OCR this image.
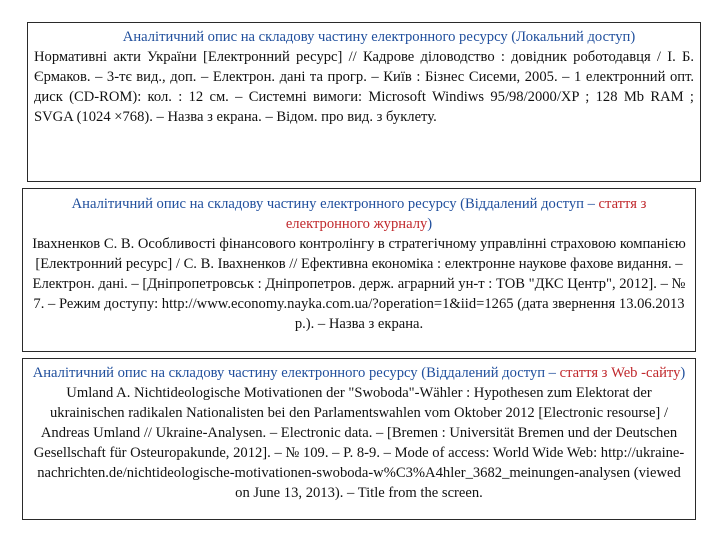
Аналітичний опис на складову частину електронного ресурсу (Локальний доступ)

Нормативні акти України [Електронний ресурс] // Кадрове діловодство : довідник роботодавця / І. Б. Єрмаков. – 3-тє вид., доп. – Електрон. дані та прогр. – Київ : Бізнес Сисеми, 2005. – 1 електронний опт. диск (CD-ROM): кол. : 12 см. – Системні вимоги: Microsoft Windiws 95/98/2000/XP ; 128 Mb RAM ; SVGA (1024 ×768). – Назва з екрана. – Відом. про вид. з буклету.

Аналітичний опис на складову частину електронного ресурсу (Віддалений доступ – стаття з електронного журналу)

Івахненков С. В. Особливості фінансового контролінгу в стратегічному управлінні страховою компанією [Електронний ресурс] / С. В. Івахненков // Ефективна економіка : електронне наукове фахове видання. – Електрон. дані. – [Дніпропетровськ : Дніпропетров. держ. аграрний ун-т : ТОВ "ДКС Центр", 2012]. – № 7. – Режим доступу: http://www.economy.nayka.com.ua/?operation=1&iid=1265 (дата звернення 13.06.2013 р.). – Назва з екрана.

Аналітичний опис на складову частину електронного ресурсу (Віддалений доступ – стаття з Web -сайту)

Umland A. Nichtideologische Motivationen der "Swoboda"-Wähler : Hypothesen zum Elektorat der ukrainischen radikalen Nationalisten bei den Parlamentswahlen vom Oktober 2012 [Electronic resourse] / Andreas Umland // Ukraine-Analysen. – Electronic data. – [Bremen : Universität Bremen und der Deutschen Gesellschaft für Osteuropakunde, 2012]. – № 109. – P. 8-9. – Mode of access: World Wide Web: http://ukraine-nachrichten.de/nichtideologische-motivationen-swoboda-w%C3%A4hler_3682_meinungen-analysen (viewed on June 13, 2013). – Title from the screen.
